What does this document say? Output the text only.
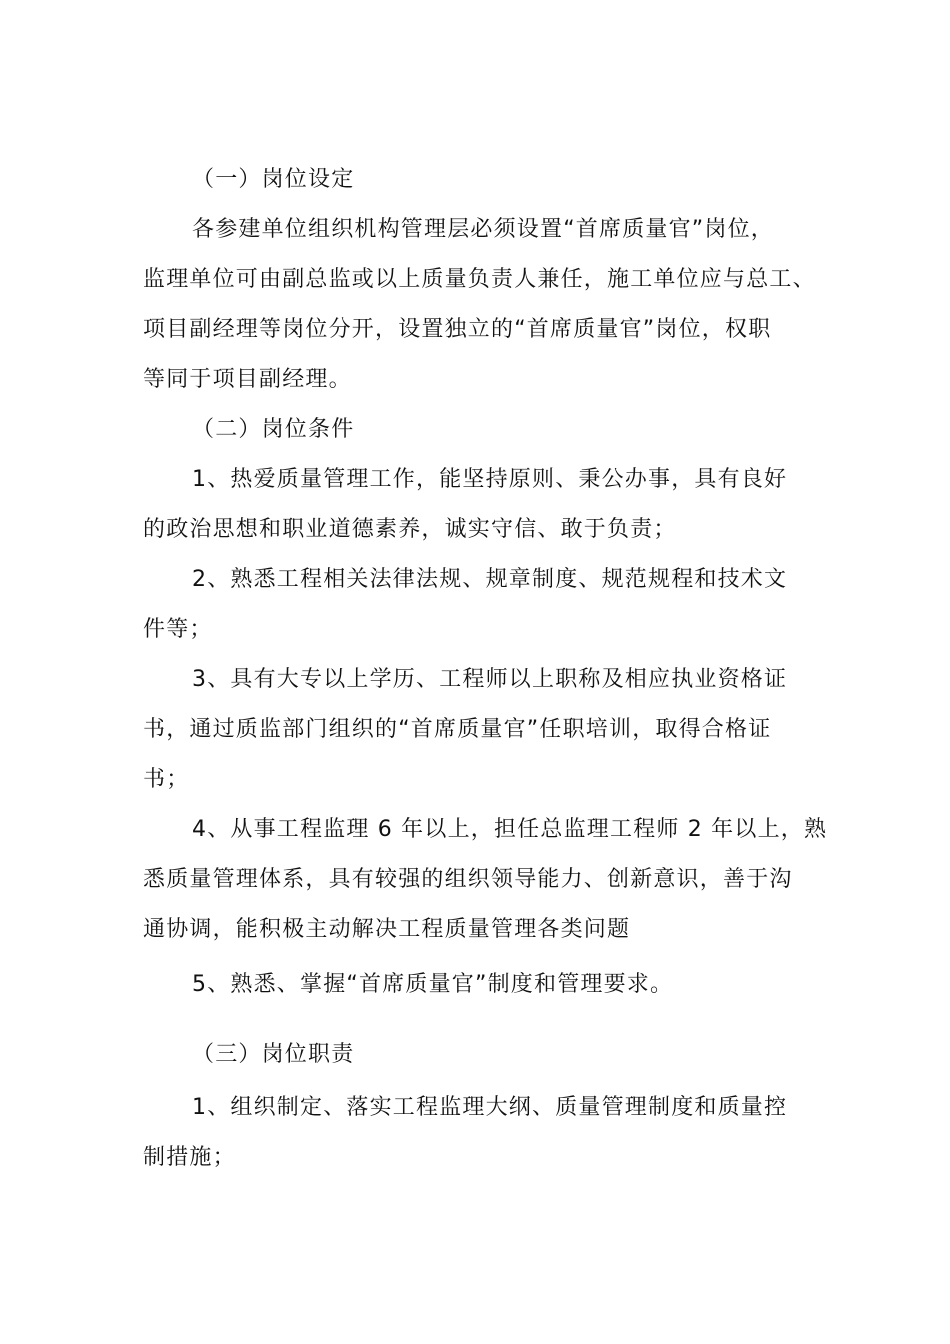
（一）岗位设定
各参建单位组织机构管理层必须设置“首席质量官”岗位，
监理单位可由副总监或以上质量负责人兼任，施工单位应与总工、
项目副经理等岗位分开，设置独立的“首席质量官”岗位，权职
等同于项目副经理。
（二）岗位条件
1、热爱质量管理工作，能坚持原则、秉公办事，具有良好
的政治思想和职业道德素养，诚实守信、敢于负责；
2、熟悉工程相关法律法规、规章制度、规范规程和技术文
件等；
3、具有大专以上学历、工程师以上职称及相应执业资格证
书，通过质监部门组织的“首席质量官”任职培训，取得合格证
书；
4、从事工程监理 6 年以上，担任总监理工程师 2 年以上，熟
悉质量管理体系，具有较强的组织领导能力、创新意识，善于沟
通协调，能积极主动解决工程质量管理各类问题
5、熟悉、掌握“首席质量官”制度和管理要求。
（三）岗位职责
1、组织制定、落实工程监理大纲、质量管理制度和质量控
制措施；
